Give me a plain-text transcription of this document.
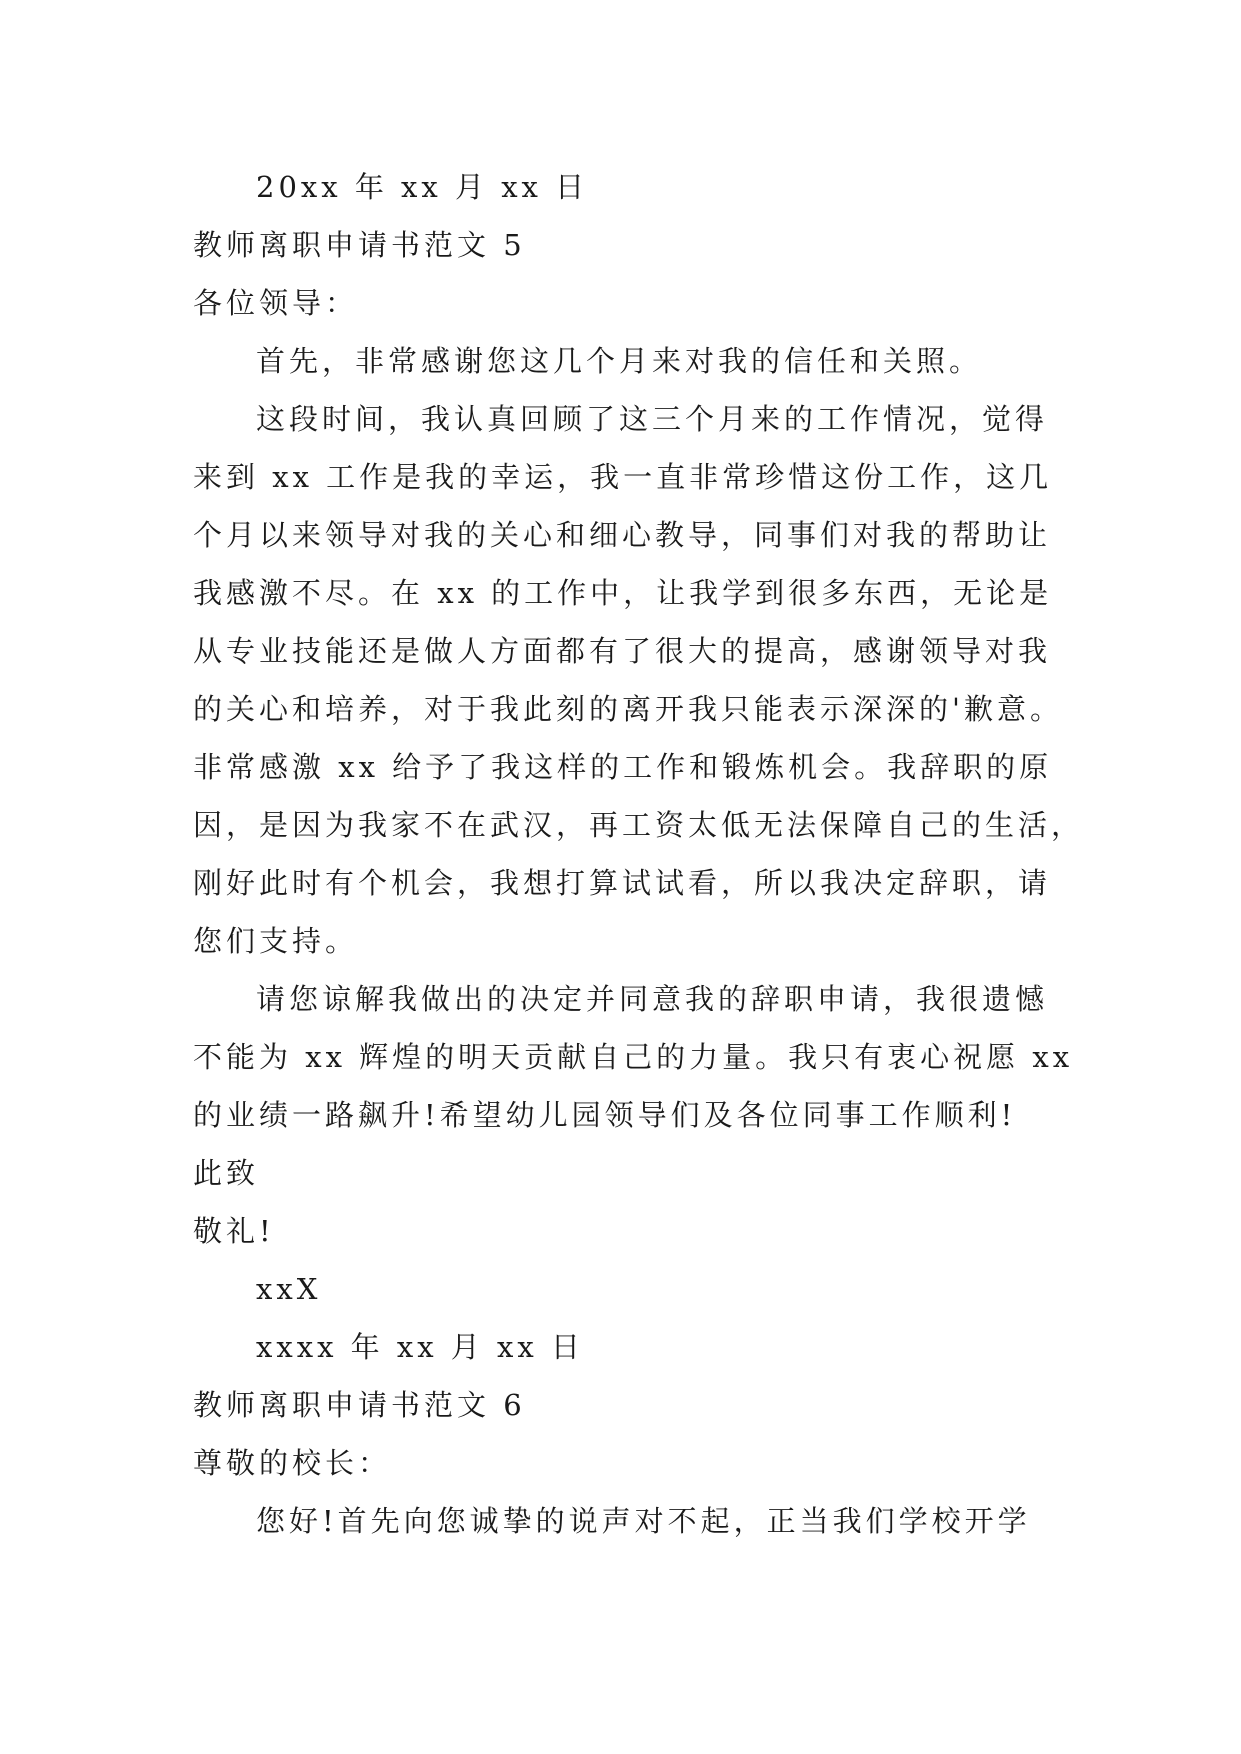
20xx 年 xx 月 xx 日
教师离职申请书范文 5
各位领导：
首先，非常感谢您这几个月来对我的信任和关照。
这段时间，我认真回顾了这三个月来的工作情况，觉得
来到 xx 工作是我的幸运，我一直非常珍惜这份工作，这几
个月以来领导对我的关心和细心教导，同事们对我的帮助让
我感激不尽。在 xx 的工作中，让我学到很多东西，无论是
从专业技能还是做人方面都有了很大的提高，感谢领导对我
的关心和培养，对于我此刻的离开我只能表示深深的'歉意。
非常感激 xx 给予了我这样的工作和锻炼机会。我辞职的原
因，是因为我家不在武汉，再工资太低无法保障自己的生活，
刚好此时有个机会，我想打算试试看，所以我决定辞职，请
您们支持。
请您谅解我做出的决定并同意我的辞职申请，我很遗憾
不能为 xx 辉煌的明天贡献自己的力量。我只有衷心祝愿 xx
的业绩一路飙升!希望幼儿园领导们及各位同事工作顺利!
此致
敬礼!
xxX
xxxx 年 xx 月 xx 日
教师离职申请书范文 6
尊敬的校长：
您好!首先向您诚挚的说声对不起，正当我们学校开学
